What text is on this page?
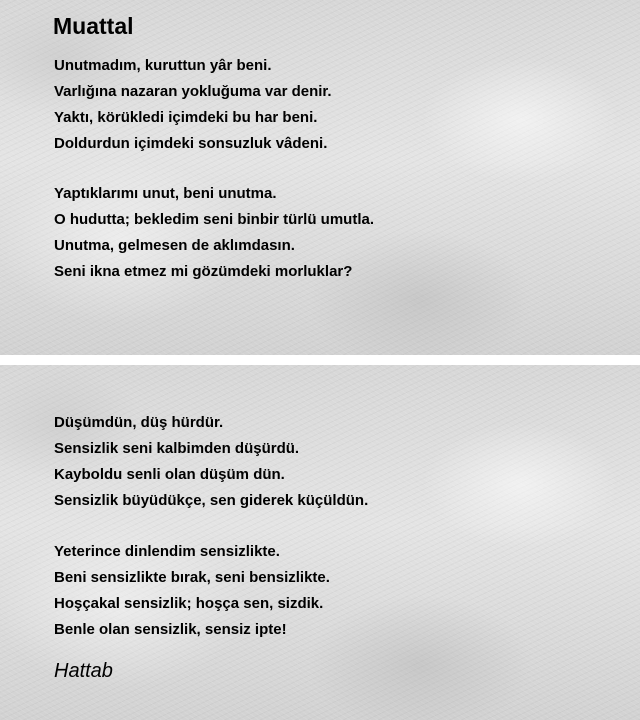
Muattal
Unutmadım, kuruttun yâr beni.
Varlığına nazaran yokluğuma var denir.
Yaktı, körükledi içimdeki bu har beni.
Doldurdun içimdeki sonsuzluk vâdeni.
Yaptıklarımı unut, beni unutma.
O hudutta; bekledim seni binbir türlü umutla.
Unutma, gelmesen de aklımdasın.
Seni ikna etmez mi gözümdeki morluklar?
Düşümdün, düş hürdür.
Sensizlik seni kalbimden düşürdü.
Kayboldu senli olan düşüm dün.
Sensizlik büyüdükçe, sen giderek küçüldün.
Yeterince dinlendim sensizlikte.
Beni sensizlikte bırak, seni bensizlikte.
Hoşçakal sensizlik; hoşça sen, sizdik.
Benle olan sensizlik, sensiz ipte!

Hattab
